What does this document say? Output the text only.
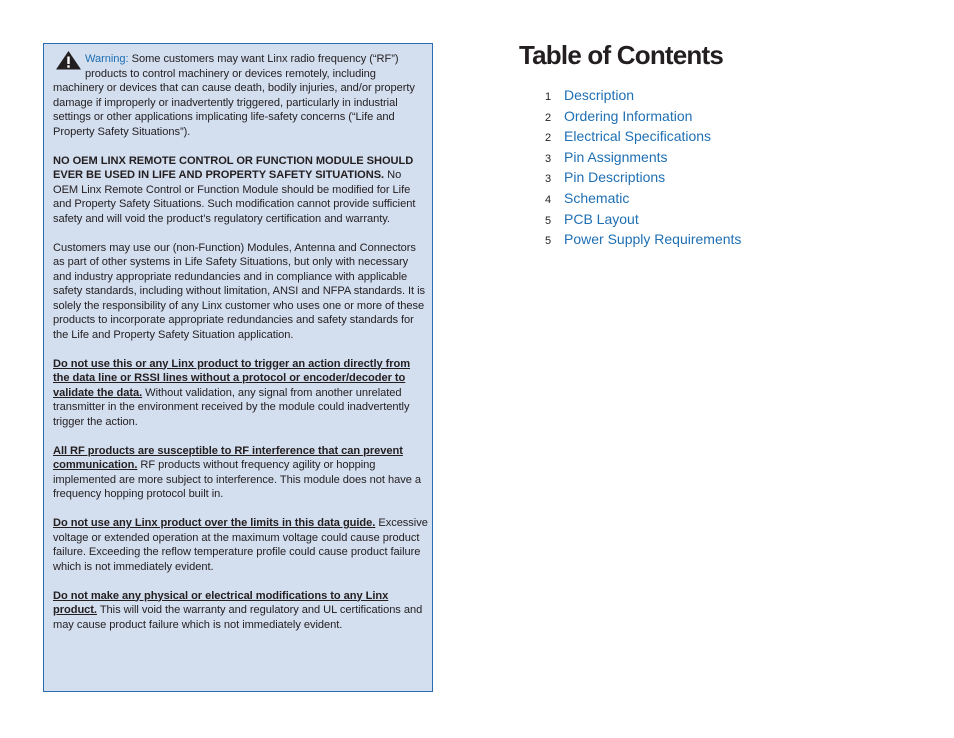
Warning: Some customers may want Linx radio frequency (“RF”) products to control machinery or devices remotely, including machinery or devices that can cause death, bodily injuries, and/or property damage if improperly or inadvertently triggered, particularly in industrial settings or other applications implicating life-safety concerns (“Life and Property Safety Situations”).

NO OEM LINX REMOTE CONTROL OR FUNCTION MODULE SHOULD EVER BE USED IN LIFE AND PROPERTY SAFETY SITUATIONS. No OEM Linx Remote Control or Function Module should be modified for Life and Property Safety Situations. Such modification cannot provide sufficient safety and will void the product’s regulatory certification and warranty.

Customers may use our (non-Function) Modules, Antenna and Connectors as part of other systems in Life Safety Situations, but only with necessary and industry appropriate redundancies and in compliance with applicable safety standards, including without limitation, ANSI and NFPA standards. It is solely the responsibility of any Linx customer who uses one or more of these products to incorporate appropriate redundancies and safety standards for the Life and Property Safety Situation application.

Do not use this or any Linx product to trigger an action directly from the data line or RSSI lines without a protocol or encoder/decoder to validate the data. Without validation, any signal from another unrelated transmitter in the environment received by the module could inadvertently trigger the action.

All RF products are susceptible to RF interference that can prevent communication. RF products without frequency agility or hopping implemented are more subject to interference. This module does not have a frequency hopping protocol built in.

Do not use any Linx product over the limits in this data guide. Excessive voltage or extended operation at the maximum voltage could cause product failure. Exceeding the reflow temperature profile could cause product failure which is not immediately evident.

Do not make any physical or electrical modifications to any Linx product. This will void the warranty and regulatory and UL certifications and may cause product failure which is not immediately evident.

Table of Contents
1 Description
2 Ordering Information
2 Electrical Specifications
3 Pin Assignments
3 Pin Descriptions
4 Schematic
5 PCB Layout
5 Power Supply Requirements
